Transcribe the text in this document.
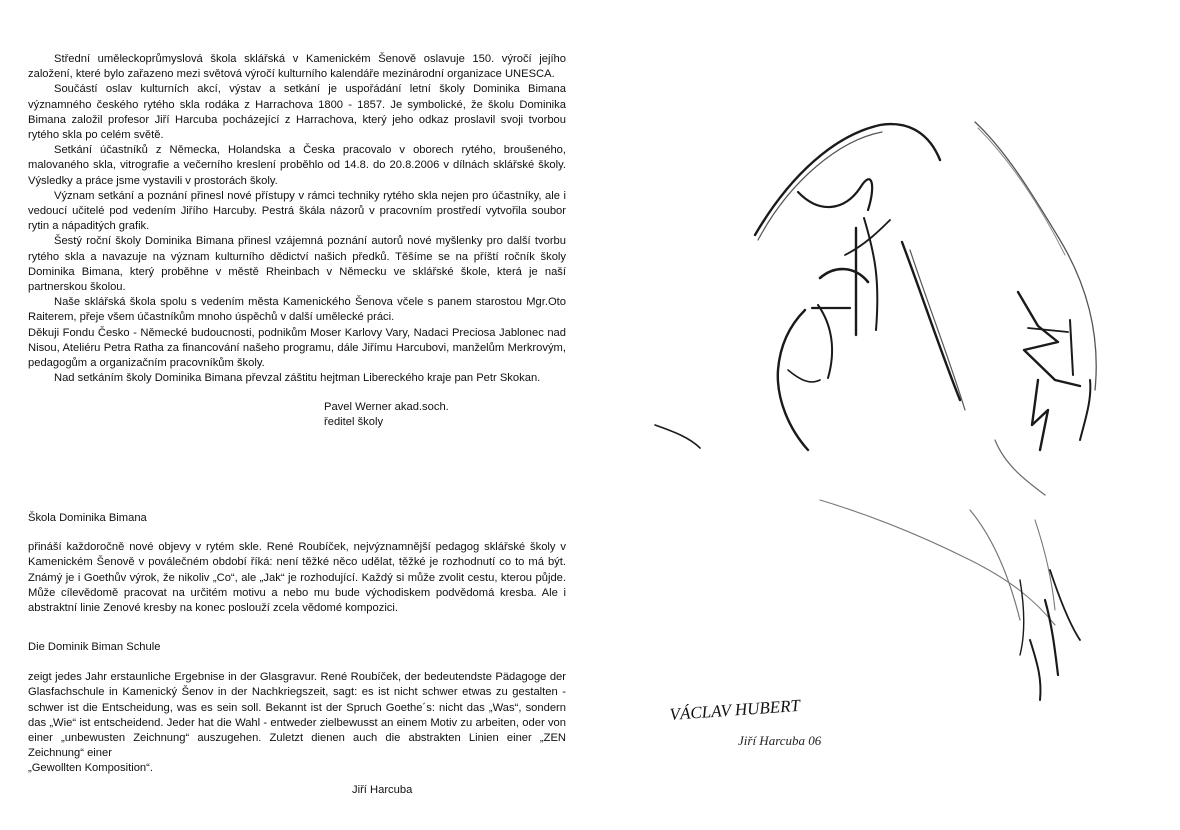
Střední uměleckoprůmyslová škola sklářská v Kamenickém Šenově oslavuje 150. výročí jejího založení, které bylo zařazeno mezi světová výročí kulturního kalendáře mezinárodní organizace UNESCA.

Součástí oslav kulturních akcí, výstav a setkání je uspořádání letní školy Dominika Bimana významného českého rytého skla rodáka z Harrachova 1800 - 1857. Je symbolické, že školu Dominika Bimana založil profesor Jiří Harcuba pocházející z Harrachova, který jeho odkaz proslavil svoji tvorbou rytého skla po celém světě.

Setkání účastníků z Německa, Holandska a Česka pracovalo v oborech rytého, broušeného, malovaného skla, vitrografie a večerního kreslení proběhlo od 14.8. do 20.8.2006 v dílnách sklářské školy. Výsledky a práce jsme vystavili v prostorách školy.

Význam setkání a poznání přinesl nové přístupy v rámci techniky rytého skla nejen pro účastníky, ale i vedoucí učitelé pod vedením Jiřího Harcuby. Pestrá škála názorů v pracovním prostředí vytvořila soubor rytin a nápaditých grafik.

Šestý roční školy Dominika Bimana přinesl vzájemná poznání autorů nové myšlenky pro další tvorbu rytého skla a navazuje na význam kulturního dědictví našich předků. Těšíme se na příští ročník školy Dominika Bimana, který proběhne v městě Rheinbach v Německu ve sklářské škole, která je naší partnerskou školou.

Naše sklářská škola spolu s vedením města Kamenického Šenova včele s panem starostou Mgr.Oto Raiterem, přeje všem účastníkům mnoho úspěchů v další umělecké práci.

Děkuji Fondu Česko - Německé budoucnosti, podnikům Moser Karlovy Vary, Nadaci Preciosa Jablonec nad Nisou, Ateliéru Petra Ratha za financování našeho programu, dále Jiřímu Harcubovi, manželům Merkrovým, pedagogům a organizačním pracovníkům školy.

Nad setkáním školy Dominika Bimana převzal záštitu hejtman Libereckého kraje pan Petr Skokan.

Pavel Werner akad.soch.
ředitel školy

Škola Dominika Bimana

přináší každoročně nové objevy v rytém skle. René Roubíček, nejvýznamnější pedagog sklářské školy v Kamenickém Šenově v poválečném období říká: není těžké něco udělat, těžké je rozhodnutí co to má být. Známý je i Goethův výrok, že nikoliv „Co“, ale „Jak“ je rozhodující. Každý si může zvolit cestu, kterou půjde. Může cílevědomě pracovat na určitém motivu a nebo mu bude východiskem podvědomá kresba. Ale i abstraktní linie Zenové kresby na konec poslouží zcela vědomé kompozici.

Die Dominik Biman Schule

zeigt jedes Jahr erstaunliche Ergebnise in der Glasgravur. René Roubíček, der bedeutendste Pädagoge der Glasfachschule in Kamenický Šenov in der Nachkriegszeit, sagt: es ist nicht schwer etwas zu gestalten - schwer ist die Entscheidung, was es sein soll. Bekannt ist der Spruch Goethe´s: nicht das „Was“, sondern das „Wie“ ist entscheidend. Jeder hat die Wahl - entweder zielbewusst an einem Motiv zu arbeiten, oder von einer „unbewusten Zeichnung“ auszugehen. Zuletzt dienen auch die abstrakten Linien einer „ZEN Zeichnung“ einer

„Gewollten Komposition“.

Jiří Harcuba
VÁCLAV HUBERT
Jiří Harcuba 06
